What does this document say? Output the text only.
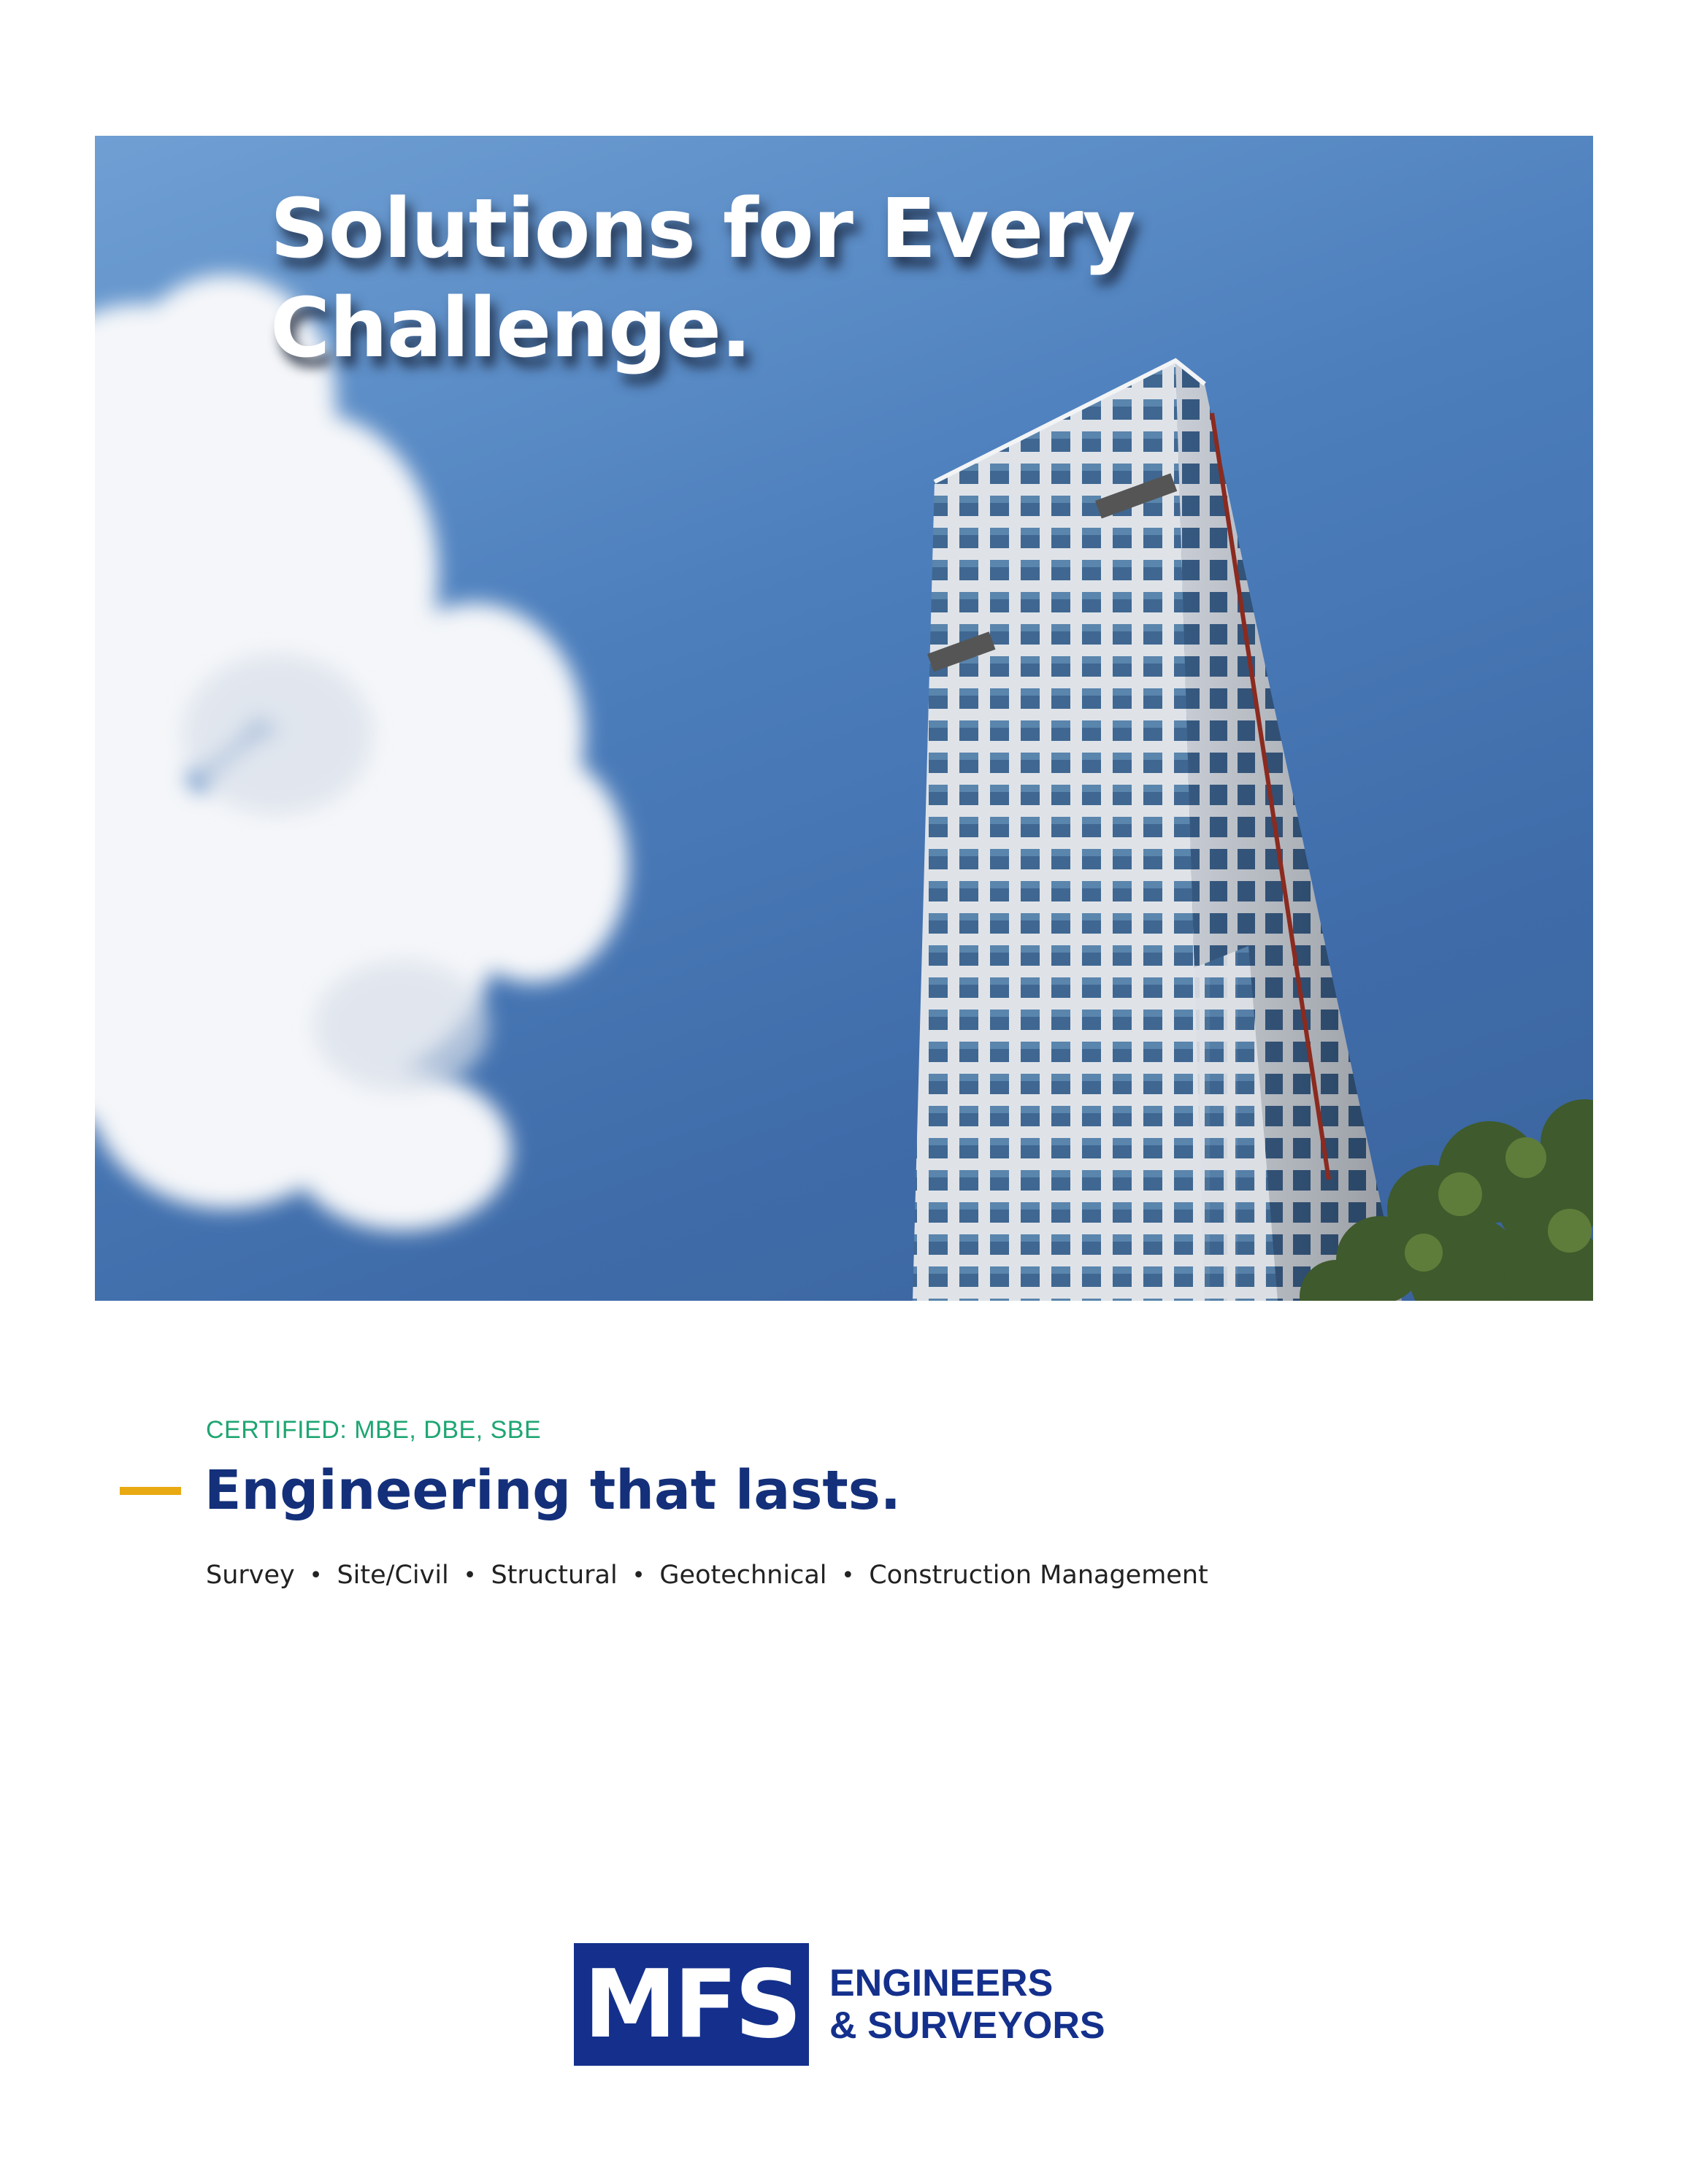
Solutions for Every
Challenge.
CERTIFIED: MBE, DBE, SBE
Engineering that lasts.
Survey • Site/Civil • Structural • Geotechnical • Construction Management
MFS ENGINEERS
& SURVEYORS
